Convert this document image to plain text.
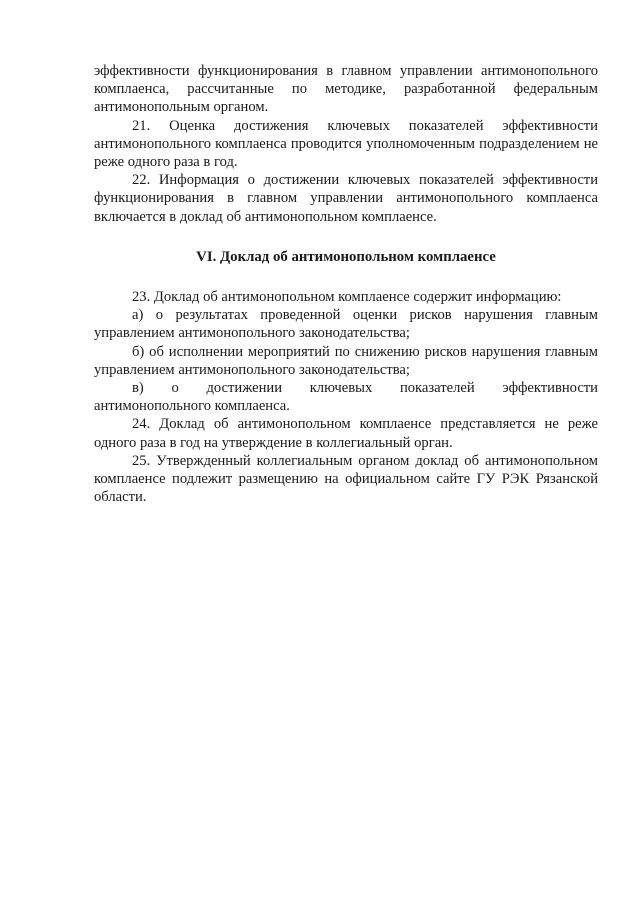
эффективности функционирования в главном управлении антимонопольного комплаенса, рассчитанные по методике, разработанной федеральным антимонопольным органом.

21. Оценка достижения ключевых показателей эффективности антимонопольного комплаенса проводится уполномоченным подразделением не реже одного раза в год.

22. Информация о достижении ключевых показателей эффективности функционирования в главном управлении антимонопольного комплаенса включается в доклад об антимонопольном комплаенсе.

VI. Доклад об антимонопольном комплаенсе

23. Доклад об антимонопольном комплаенсе содержит информацию:

а) о результатах проведенной оценки рисков нарушения главным управлением антимонопольного законодательства;

б) об исполнении мероприятий по снижению рисков нарушения главным управлением антимонопольного законодательства;

в) о достижении ключевых показателей эффективности антимонопольного комплаенса.

24. Доклад об антимонопольном комплаенсе представляется не реже одного раза в год на утверждение в коллегиальный орган.

25. Утвержденный коллегиальным органом доклад об антимонопольном комплаенсе подлежит размещению на официальном сайте ГУ РЭК Рязанской области.
